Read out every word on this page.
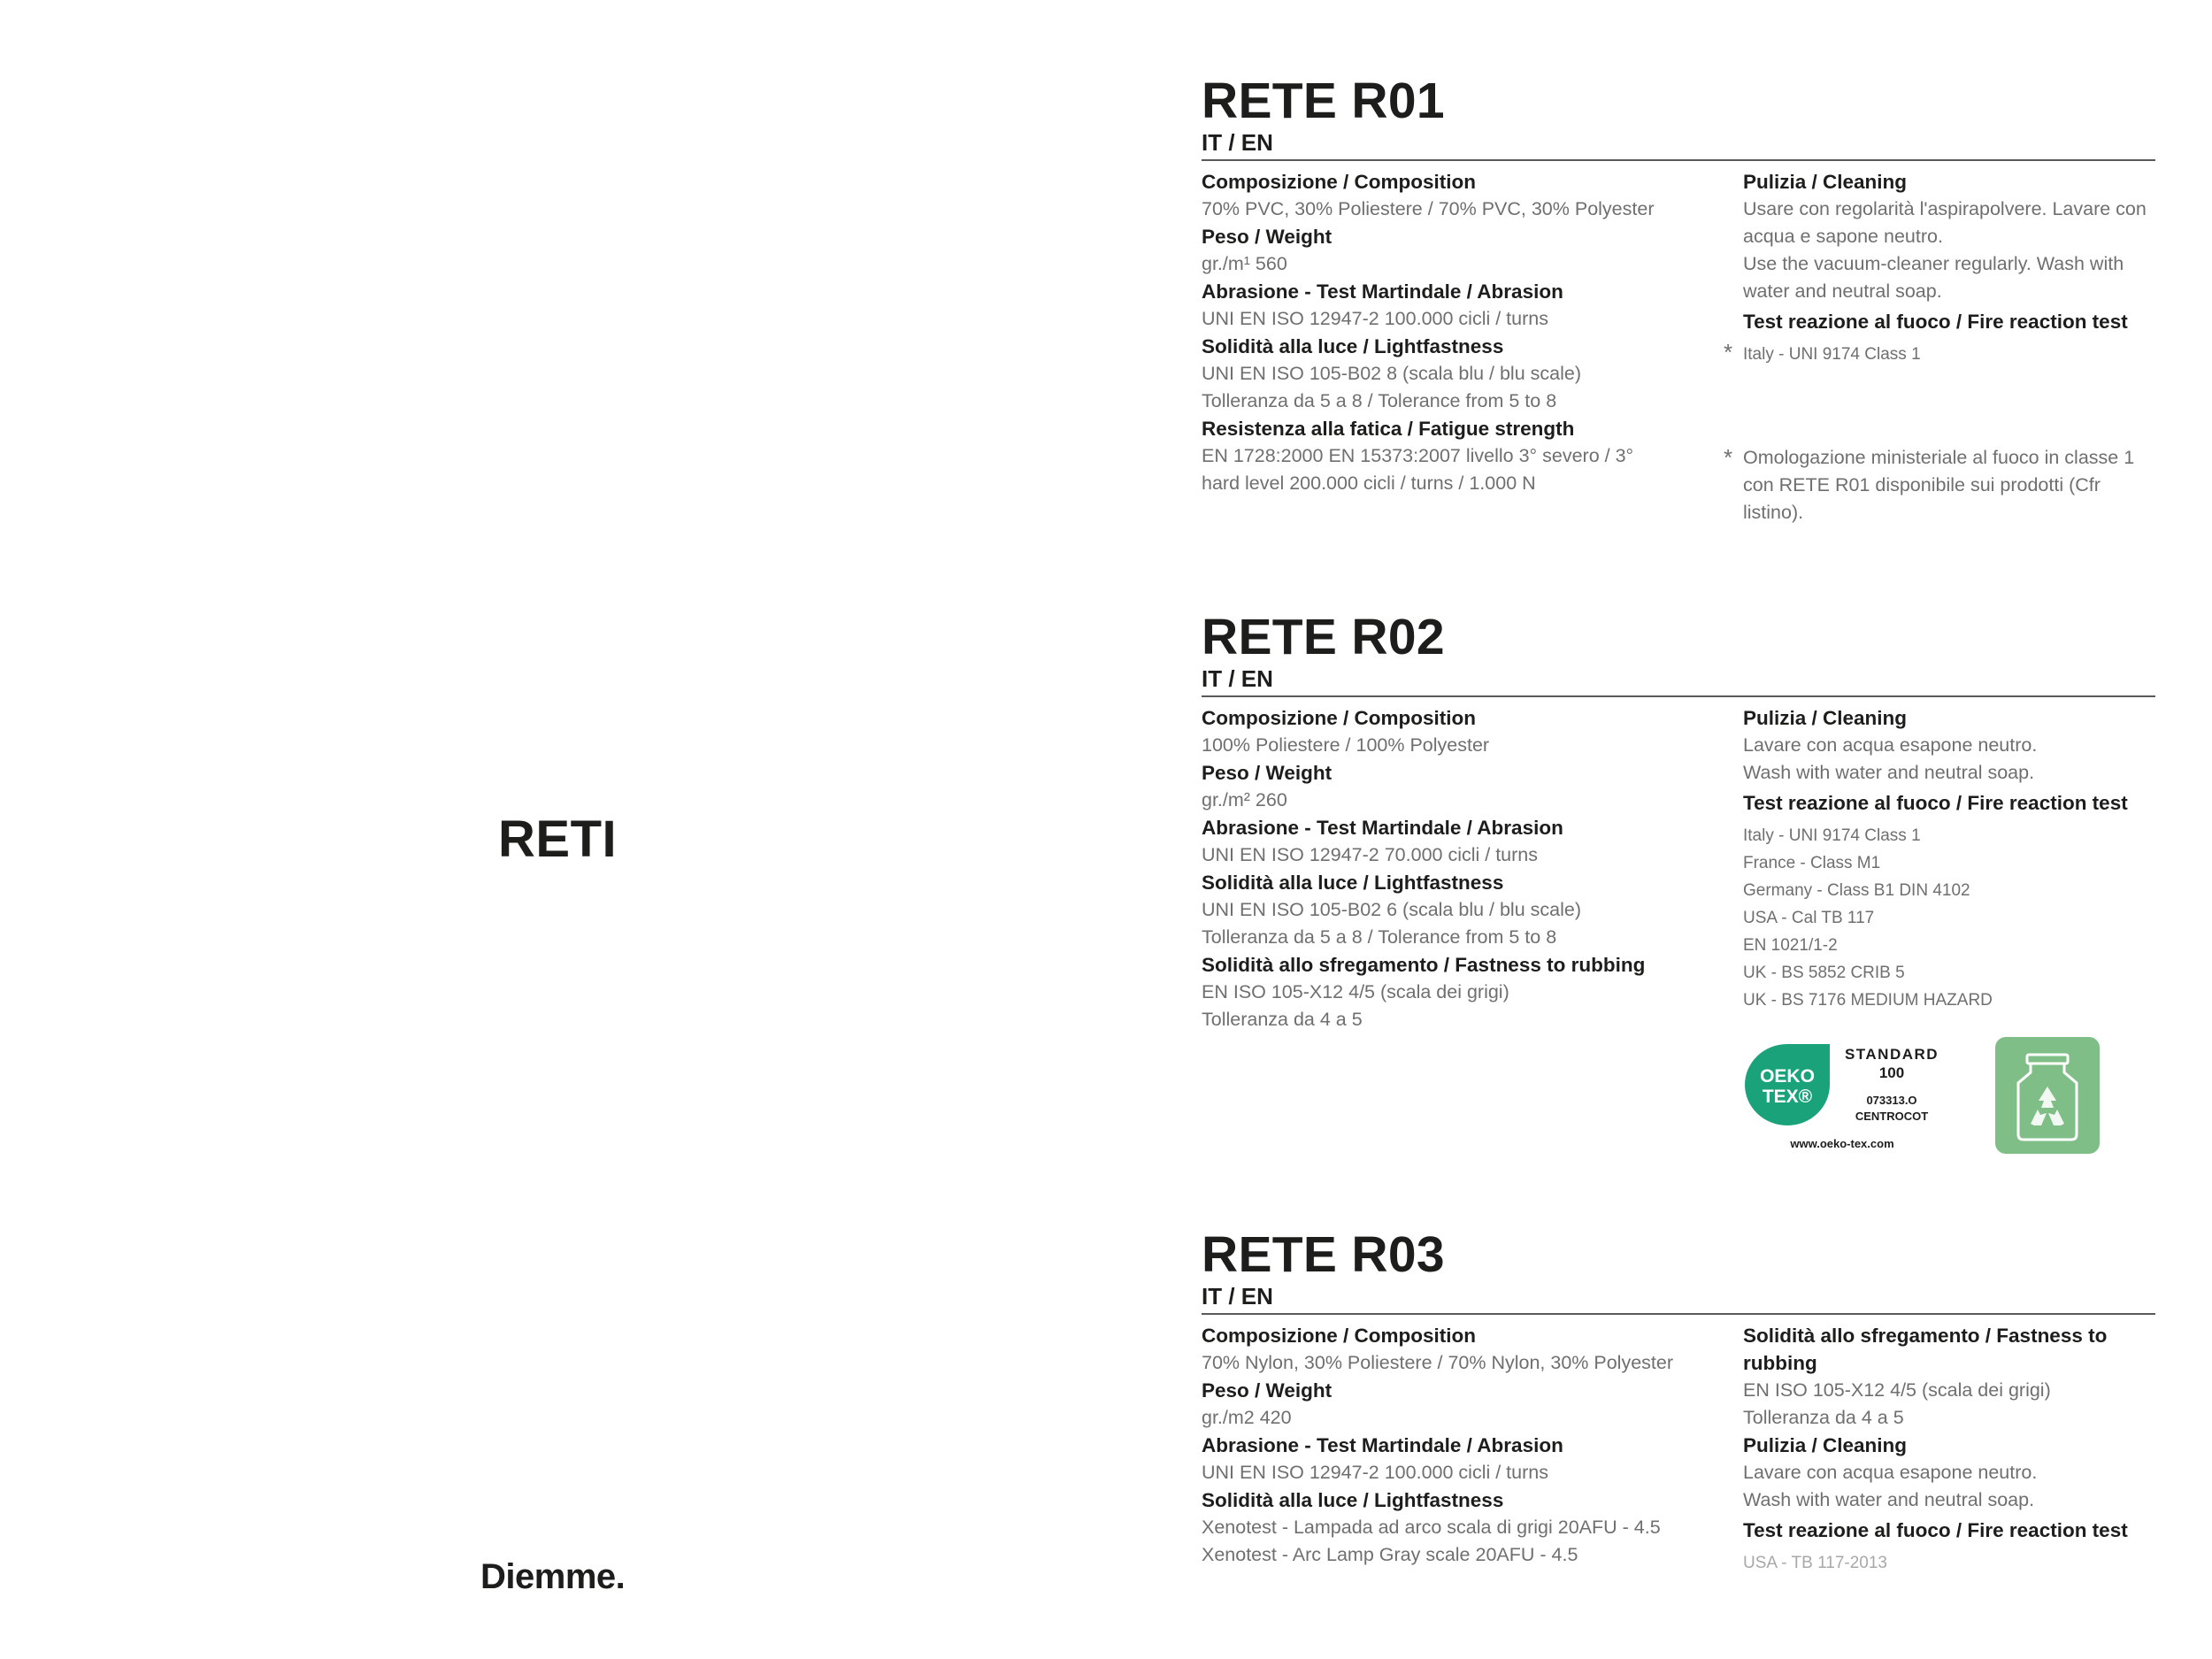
RETI
Diemme.
RETE R01
IT / EN
Composizione / Composition
70% PVC, 30% Poliestere / 70% PVC, 30% Polyester
Peso / Weight
gr./m¹ 560
Abrasione - Test Martindale / Abrasion
UNI EN ISO 12947-2 100.000 cicli / turns
Solidità alla luce / Lightfastness
UNI EN ISO 105-B02 8 (scala blu / blu scale)
Tolleranza da 5 a 8 / Tolerance from 5 to 8
Resistenza alla fatica / Fatigue strength
EN 1728:2000 EN 15373:2007 livello 3° severo / 3°
hard level 200.000 cicli / turns / 1.000 N
Pulizia / Cleaning
Usare con regolarità l'aspirapolvere. Lavare con
acqua e sapone neutro.
Use the vacuum-cleaner regularly. Wash with
water and neutral soap.
Test reazione al fuoco / Fire reaction test
* Italy - UNI 9174 Class 1
* Omologazione ministeriale al fuoco in classe 1
con RETE R01 disponibile sui prodotti (Cfr listino).
RETE R02
IT / EN
Composizione / Composition
100% Poliestere / 100% Polyester
Peso / Weight
gr./m² 260
Abrasione - Test Martindale / Abrasion
UNI EN ISO 12947-2 70.000 cicli / turns
Solidità alla luce / Lightfastness
UNI EN ISO 105-B02 6 (scala blu / blu scale)
Tolleranza da 5 a 8 / Tolerance from 5 to 8
Solidità allo sfregamento / Fastness to rubbing
EN ISO 105-X12 4/5 (scala dei grigi)
Tolleranza da 4 a 5
Pulizia / Cleaning
Lavare con acqua esapone neutro.
Wash with water and neutral soap.
Test reazione al fuoco / Fire reaction test
Italy - UNI 9174 Class 1
France - Class M1
Germany - Class B1 DIN 4102
USA - Cal TB 117
EN 1021/1-2
UK - BS 5852 CRIB 5
UK - BS 7176 MEDIUM HAZARD
OEKO
TEX®
STANDARD
100
073313.O
CENTROCOT
www.oeko-tex.com
RETE R03
IT / EN
Composizione / Composition
70% Nylon, 30% Poliestere / 70% Nylon, 30% Polyester
Peso / Weight
gr./m2 420
Abrasione - Test Martindale / Abrasion
UNI EN ISO 12947-2 100.000 cicli / turns
Solidità alla luce / Lightfastness
Xenotest - Lampada ad arco scala di grigi 20AFU - 4.5
Xenotest - Arc Lamp Gray scale 20AFU - 4.5
Solidità allo sfregamento / Fastness to
rubbing
EN ISO 105-X12 4/5 (scala dei grigi)
Tolleranza da 4 a 5
Pulizia / Cleaning
Lavare con acqua esapone neutro.
Wash with water and neutral soap.
Test reazione al fuoco / Fire reaction test
USA - TB 117-2013
